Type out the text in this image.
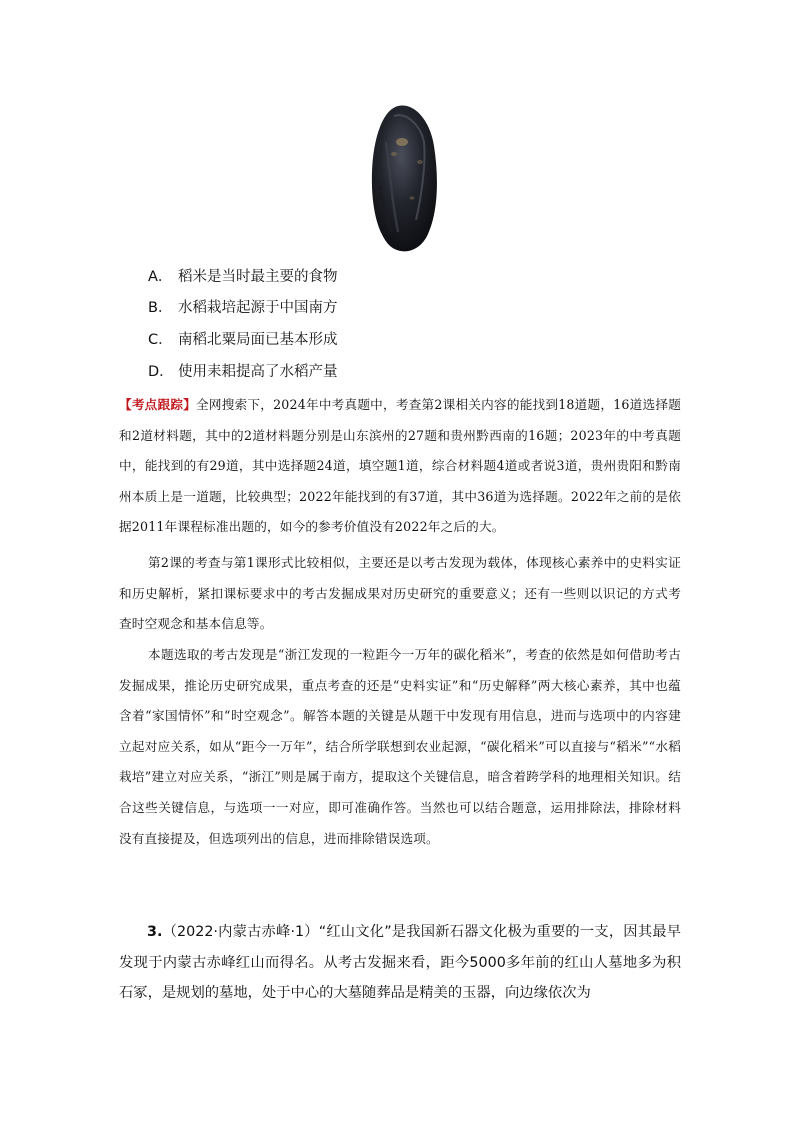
A． 稻米是当时最主要的食物
B． 水稻栽培起源于中国南方
C． 南稻北粟局面已基本形成
D． 使用耒耜提高了水稻产量
【考点跟踪】全网搜索下，2024年中考真题中，考查第2课相关内容的能找到18道题，16道选择题和2道材料题，其中的2道材料题分别是山东滨州的27题和贵州黔西南的16题；2023年的中考真题中，能找到的有29道，其中选择题24道，填空题1道，综合材料题4道或者说3道，贵州贵阳和黔南州本质上是一道题，比较典型；2022年能找到的有37道，其中36道为选择题。2022年之前的是依据2011年课程标准出题的，如今的参考价值没有2022年之后的大。
第2课的考查与第1课形式比较相似，主要还是以考古发现为载体，体现核心素养中的史料实证和历史解析，紧扣课标要求中的考古发掘成果对历史研究的重要意义；还有一些则以识记的方式考查时空观念和基本信息等。
本题选取的考古发现是“浙江发现的一粒距今一万年的碳化稻米”，考查的依然是如何借助考古发掘成果，推论历史研究成果，重点考查的还是“史料实证”和“历史解释”两大核心素养，其中也蕴含着“家国情怀”和“时空观念”。解答本题的关键是从题干中发现有用信息，进而与选项中的内容建立起对应关系，如从“距今一万年”，结合所学联想到农业起源，“碳化稻米”可以直接与“稻米”“水稻栽培”建立对应关系，“浙江”则是属于南方，提取这个关键信息，暗含着跨学科的地理相关知识。结合这些关键信息，与选项一一对应，即可准确作答。当然也可以结合题意，运用排除法，排除材料没有直接提及，但选项列出的信息，进而排除错误选项。
3.（2022·内蒙古赤峰·1）“红山文化”是我国新石器文化极为重要的一支，因其最早发现于内蒙古赤峰红山而得名。从考古发掘来看，距今5000多年前的红山人墓地多为积石冢，是规划的墓地，处于中心的大墓随葬品是精美的玉器，向边缘依次为
